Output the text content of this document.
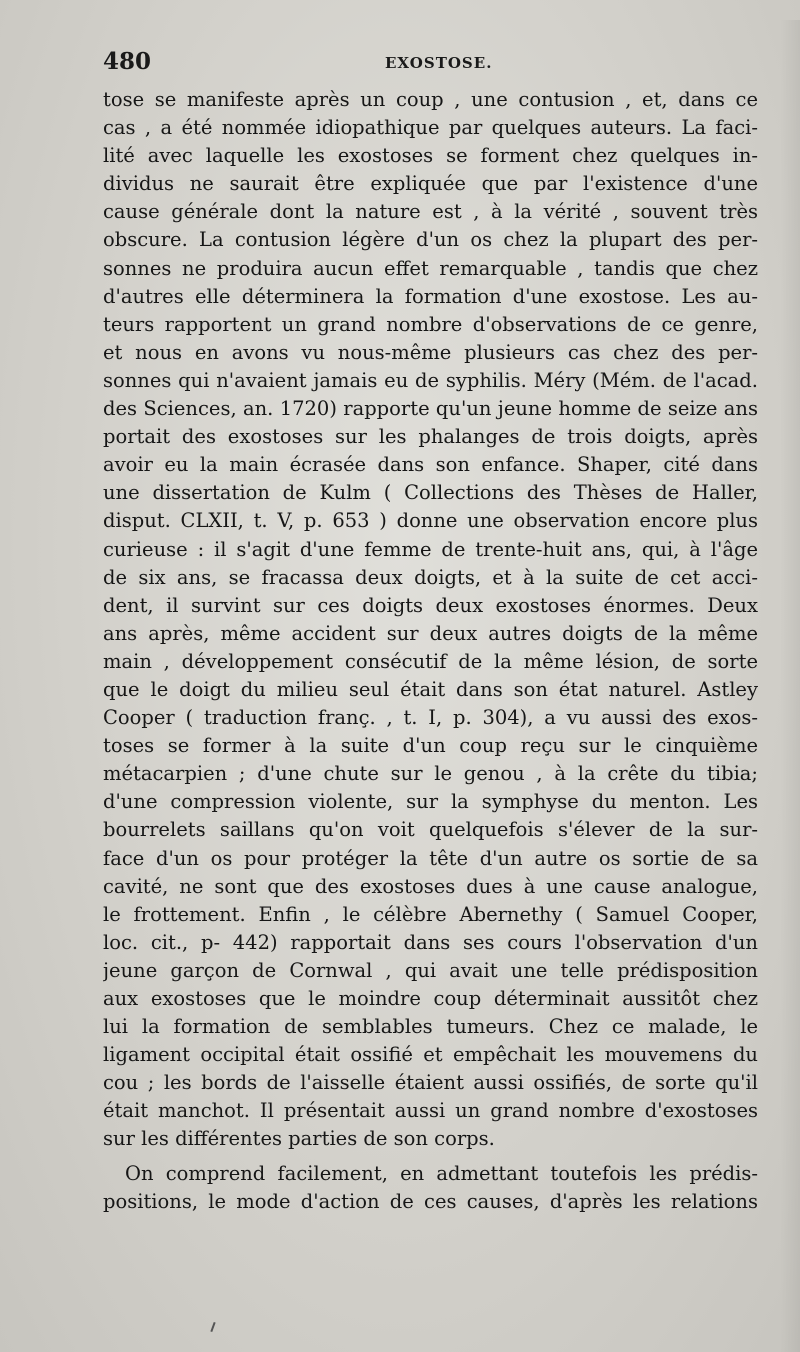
480	EXOSTOSE.
tose se manifeste après un coup , une contusion , et, dans ce
cas , a été nommée idiopathique par quelques auteurs. La faci-
lité avec laquelle les exostoses se forment chez quelques in-
dividus ne saurait être expliquée que par l'existence d'une
cause générale dont la nature est , à la vérité , souvent très
obscure. La contusion légère d'un os chez la plupart des per-
sonnes ne produira aucun effet remarquable , tandis que chez
d'autres elle déterminera la formation d'une exostose. Les au-
teurs rapportent un grand nombre d'observations de ce genre,
et nous en avons vu nous-même plusieurs cas chez des per-
sonnes qui n'avaient jamais eu de syphilis. Méry (Mém. de l'acad.
des Sciences, an. 1720) rapporte qu'un jeune homme de seize ans
portait des exostoses sur les phalanges de trois doigts, après
avoir eu la main écrasée dans son enfance. Shaper, cité dans
une dissertation de Kulm ( Collections des Thèses de Haller,
disput. CLXII, t. V, p. 653 ) donne une observation encore plus
curieuse : il s'agit d'une femme de trente-huit ans, qui, à l'âge
de six ans, se fracassa deux doigts, et à la suite de cet acci-
dent, il survint sur ces doigts deux exostoses énormes. Deux
ans après, même accident sur deux autres doigts de la même
main , développement consécutif de la même lésion, de sorte
que le doigt du milieu seul était dans son état naturel. Astley
Cooper ( traduction franç. , t. I, p. 304), a vu aussi des exos-
toses se former à la suite d'un coup reçu sur le cinquième
métacarpien ; d'une chute sur le genou , à la crête du tibia;
d'une compression violente, sur la symphyse du menton. Les
bourrelets saillans qu'on voit quelquefois s'élever de la sur-
face d'un os pour protéger la tête d'un autre os sortie de sa
cavité, ne sont que des exostoses dues à une cause analogue,
le frottement. Enfin , le célèbre Abernethy ( Samuel Cooper,
loc. cit., p- 442) rapportait dans ses cours l'observation d'un
jeune garçon de Cornwal , qui avait une telle prédisposition
aux exostoses que le moindre coup déterminait aussitôt chez
lui la formation de semblables tumeurs. Chez ce malade, le
ligament occipital était ossifié et empêchait les mouvemens du
cou ; les bords de l'aisselle étaient aussi ossifiés, de sorte qu'il
était manchot. Il présentait aussi un grand nombre d'exostoses
sur les différentes parties de son corps.
On comprend facilement, en admettant toutefois les prédis-
positions, le mode d'action de ces causes, d'après les relations
